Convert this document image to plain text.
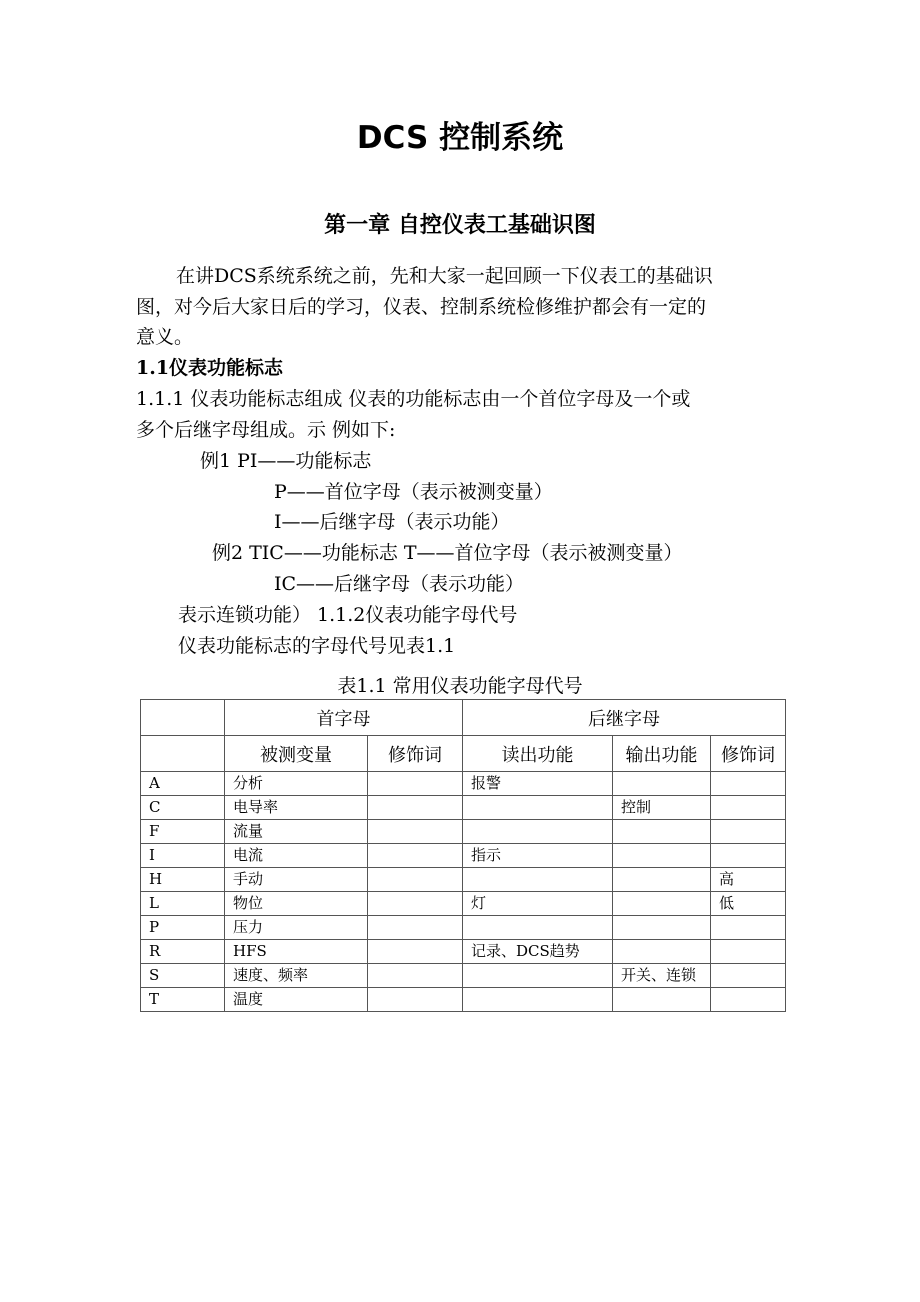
DCS 控制系统
第一章 自控仪表工基础识图
在讲DCS系统系统之前，先和大家一起回顾一下仪表工的基础识
图，对今后大家日后的学习，仪表、控制系统检修维护都会有一定的
意义。
1.1仪表功能标志
1.1.1 仪表功能标志组成 仪表的功能标志由一个首位字母及一个或
多个后继字母组成。示 例如下:
例1 PI——功能标志
P——首位字母（表示被测变量）
I——后继字母（表示功能）
例2 TIC——功能标志 T——首位字母（表示被测变量）
IC——后继字母（表示功能）
表示连锁功能） 1.1.2仪表功能字母代号
仪表功能标志的字母代号见表1.1
表1.1 常用仪表功能字母代号
	首字母		后继字母		
	被测变量	修饰词	读出功能	输出功能	修饰词
A	分析		报警		
C	电导率			控制	
F	流量				
I	电流		指示		
H	手动				高
L	物位		灯		低
P	压力				
R	HFS		记录、DCS趋势		
S	速度、频率			开关、连锁	
T	温度				
